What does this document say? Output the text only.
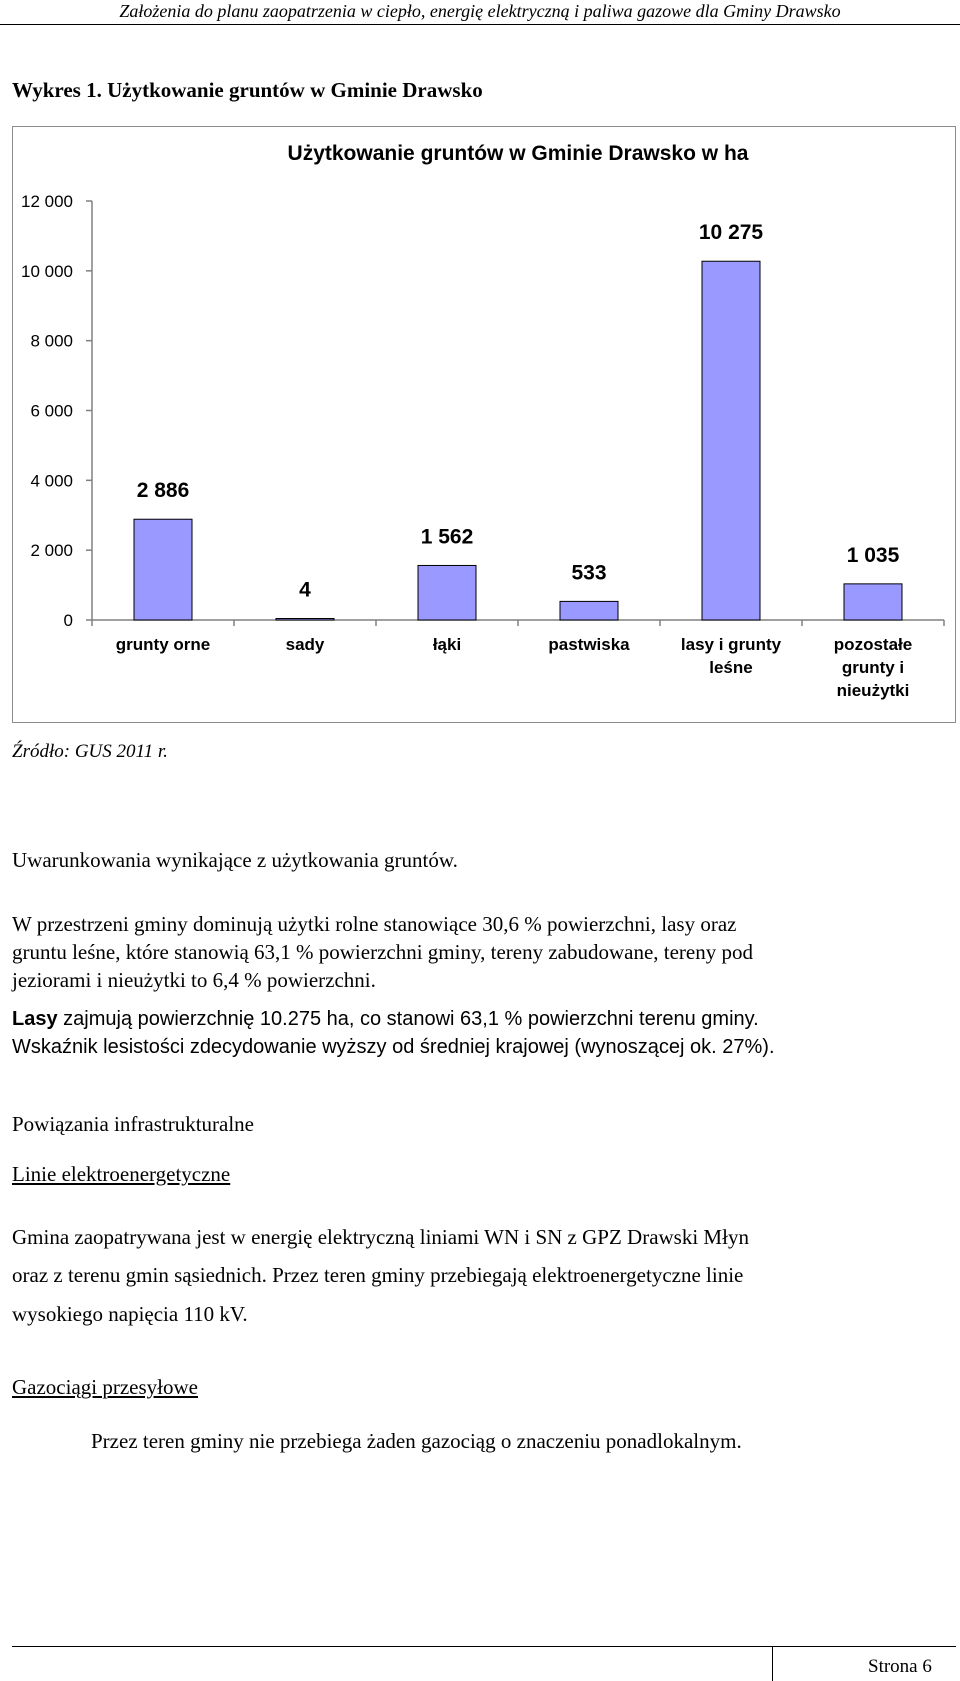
Założenia do planu zaopatrzenia w ciepło, energię elektryczną i paliwa gazowe dla Gminy Drawsko
Wykres 1. Użytkowanie gruntów w Gminie Drawsko
Użytkowanie gruntów w Gminie Drawsko w ha
0
2 000
4 000
6 000
8 000
10 000
12 000
2 886
grunty orne
4
sady
1 562
łąki
533
pastwiska
10 275
lasy i grunty
leśne
1 035
pozostałe
grunty i
nieużytki
Źródło: GUS 2011 r.
Uwarunkowania wynikające z użytkowania gruntów.
W przestrzeni gminy dominują użytki rolne stanowiące 30,6 % powierzchni, lasy oraz
gruntu leśne, które stanowią 63,1 % powierzchni gminy, tereny zabudowane, tereny pod
jeziorami i nieużytki to 6,4 % powierzchni.
Lasy zajmują powierzchnię 10.275 ha, co stanowi 63,1 % powierzchni terenu gminy.
Wskaźnik lesistości zdecydowanie wyższy od średniej krajowej (wynoszącej ok. 27%).
Powiązania infrastrukturalne
Linie elektroenergetyczne
Gmina zaopatrywana jest w energię elektryczną liniami WN i SN z GPZ Drawski Młyn
oraz z terenu gmin sąsiednich. Przez teren gminy przebiegają elektroenergetyczne linie
wysokiego napięcia 110 kV.
Gazociągi przesyłowe
Przez teren gminy nie przebiega żaden gazociąg o znaczeniu ponadlokalnym.
Strona 6
